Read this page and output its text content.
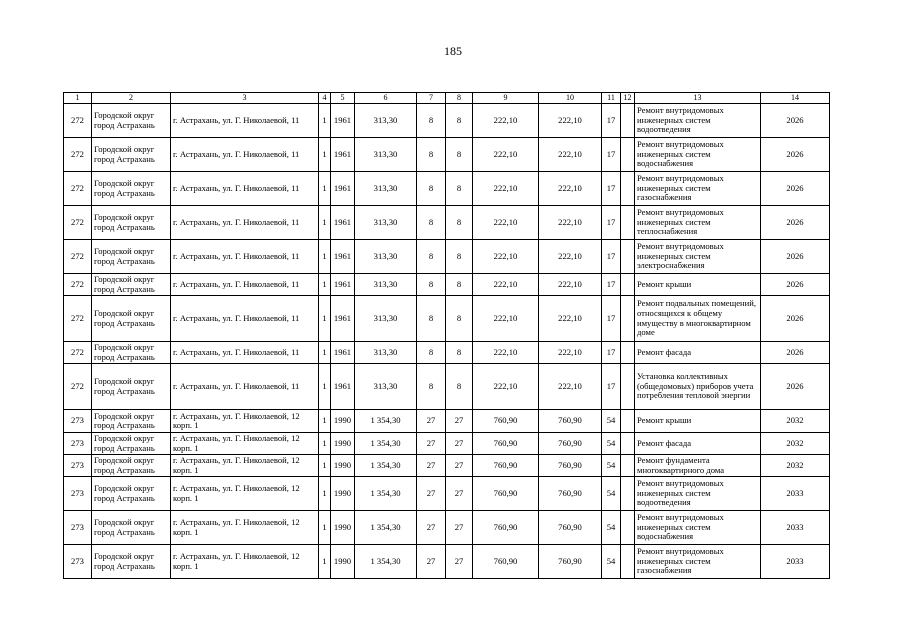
185
1	2	3	4	5	6	7	8	9	10	11	12	13	14
272	Городской округ город Астрахань	г. Астрахань, ул. Г. Николаевой, 11	1	1961	313,30	8	8	222,10	222,10	17		Ремонт внутридомовых инженерных систем водоотведения	2026
272	Городской округ город Астрахань	г. Астрахань, ул. Г. Николаевой, 11	1	1961	313,30	8	8	222,10	222,10	17		Ремонт внутридомовых инженерных систем водоснабжения	2026
272	Городской округ город Астрахань	г. Астрахань, ул. Г. Николаевой, 11	1	1961	313,30	8	8	222,10	222,10	17		Ремонт внутридомовых инженерных систем газоснабжения	2026
272	Городской округ город Астрахань	г. Астрахань, ул. Г. Николаевой, 11	1	1961	313,30	8	8	222,10	222,10	17		Ремонт внутридомовых инженерных систем теплоснабжения	2026
272	Городской округ город Астрахань	г. Астрахань, ул. Г. Николаевой, 11	1	1961	313,30	8	8	222,10	222,10	17		Ремонт внутридомовых инженерных систем электроснабжения	2026
272	Городской округ город Астрахань	г. Астрахань, ул. Г. Николаевой, 11	1	1961	313,30	8	8	222,10	222,10	17		Ремонт крыши	2026
272	Городской округ город Астрахань	г. Астрахань, ул. Г. Николаевой, 11	1	1961	313,30	8	8	222,10	222,10	17		Ремонт подвальных помещений, относящихся к общему имуществу в многоквартирном доме	2026
272	Городской округ город Астрахань	г. Астрахань, ул. Г. Николаевой, 11	1	1961	313,30	8	8	222,10	222,10	17		Ремонт фасада	2026
272	Городской округ город Астрахань	г. Астрахань, ул. Г. Николаевой, 11	1	1961	313,30	8	8	222,10	222,10	17		Установка коллективных (общедомовых) приборов учета потребления тепловой энергии	2026
273	Городской округ город Астрахань	г. Астрахань, ул. Г. Николаевой, 12 корп. 1	1	1990	1 354,30	27	27	760,90	760,90	54		Ремонт крыши	2032
273	Городской округ город Астрахань	г. Астрахань, ул. Г. Николаевой, 12 корп. 1	1	1990	1 354,30	27	27	760,90	760,90	54		Ремонт фасада	2032
273	Городской округ город Астрахань	г. Астрахань, ул. Г. Николаевой, 12 корп. 1	1	1990	1 354,30	27	27	760,90	760,90	54		Ремонт фундамента многоквартирного дома	2032
273	Городской округ город Астрахань	г. Астрахань, ул. Г. Николаевой, 12 корп. 1	1	1990	1 354,30	27	27	760,90	760,90	54		Ремонт внутридомовых инженерных систем водоотведения	2033
273	Городской округ город Астрахань	г. Астрахань, ул. Г. Николаевой, 12 корп. 1	1	1990	1 354,30	27	27	760,90	760,90	54		Ремонт внутридомовых инженерных систем водоснабжения	2033
273	Городской округ город Астрахань	г. Астрахань, ул. Г. Николаевой, 12 корп. 1	1	1990	1 354,30	27	27	760,90	760,90	54		Ремонт внутридомовых инженерных систем газоснабжения	2033
